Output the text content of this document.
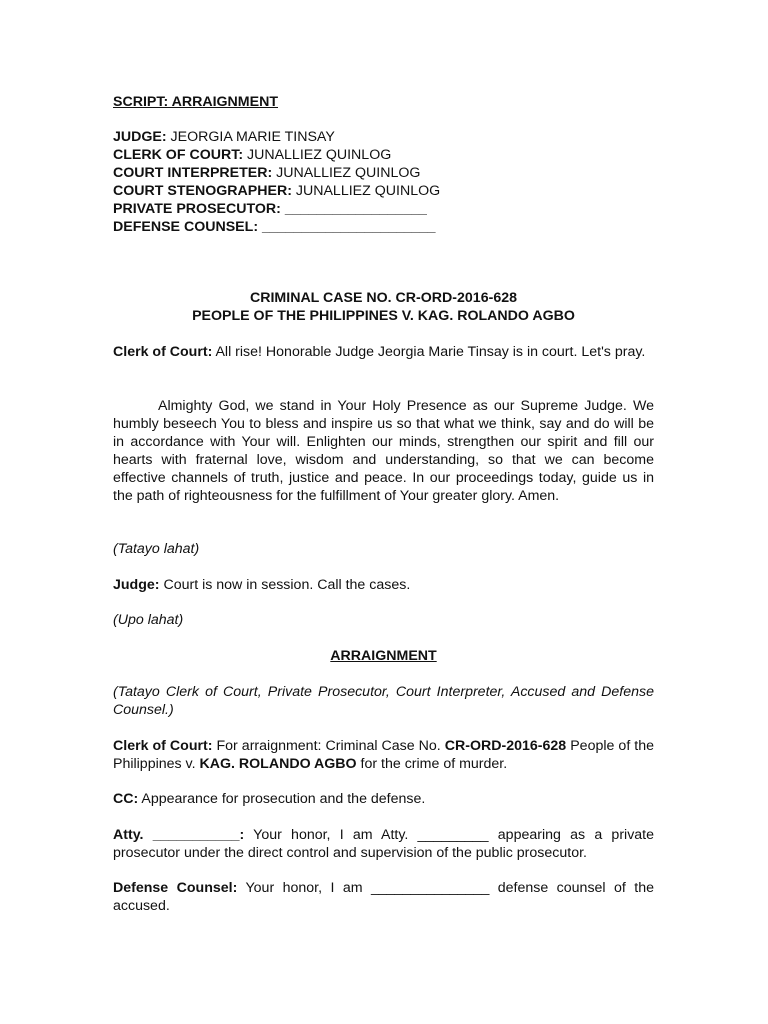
SCRIPT: ARRAIGNMENT
JUDGE: JEORGIA MARIE TINSAY
CLERK OF COURT: JUNALLIEZ QUINLOG
COURT INTERPRETER: JUNALLIEZ QUINLOG
COURT STENOGRAPHER: JUNALLIEZ QUINLOG
PRIVATE PROSECUTOR: __________________
DEFENSE COUNSEL: ______________________
CRIMINAL CASE NO. CR-ORD-2016-628
PEOPLE OF THE PHILIPPINES V. KAG. ROLANDO AGBO
Clerk of Court: All rise! Honorable Judge Jeorgia Marie Tinsay is in court. Let's pray.
Almighty God, we stand in Your Holy Presence as our Supreme Judge. We humbly beseech You to bless and inspire us so that what we think, say and do will be in accordance with Your will. Enlighten our minds, strengthen our spirit and fill our hearts with fraternal love, wisdom and understanding, so that we can become effective channels of truth, justice and peace. In our proceedings today, guide us in the path of righteousness for the fulfillment of Your greater glory. Amen.
(Tatayo lahat)
Judge: Court is now in session. Call the cases.
(Upo lahat)
ARRAIGNMENT
(Tatayo Clerk of Court, Private Prosecutor, Court Interpreter, Accused and Defense Counsel.)
Clerk of Court: For arraignment: Criminal Case No. CR-ORD-2016-628 People of the Philippines v. KAG. ROLANDO AGBO for the crime of murder.
CC: Appearance for prosecution and the defense.
Atty. ___________: Your honor, I am Atty. _________ appearing as a private prosecutor under the direct control and supervision of the public prosecutor.
Defense Counsel: Your honor, I am _______________ defense counsel of the accused.
